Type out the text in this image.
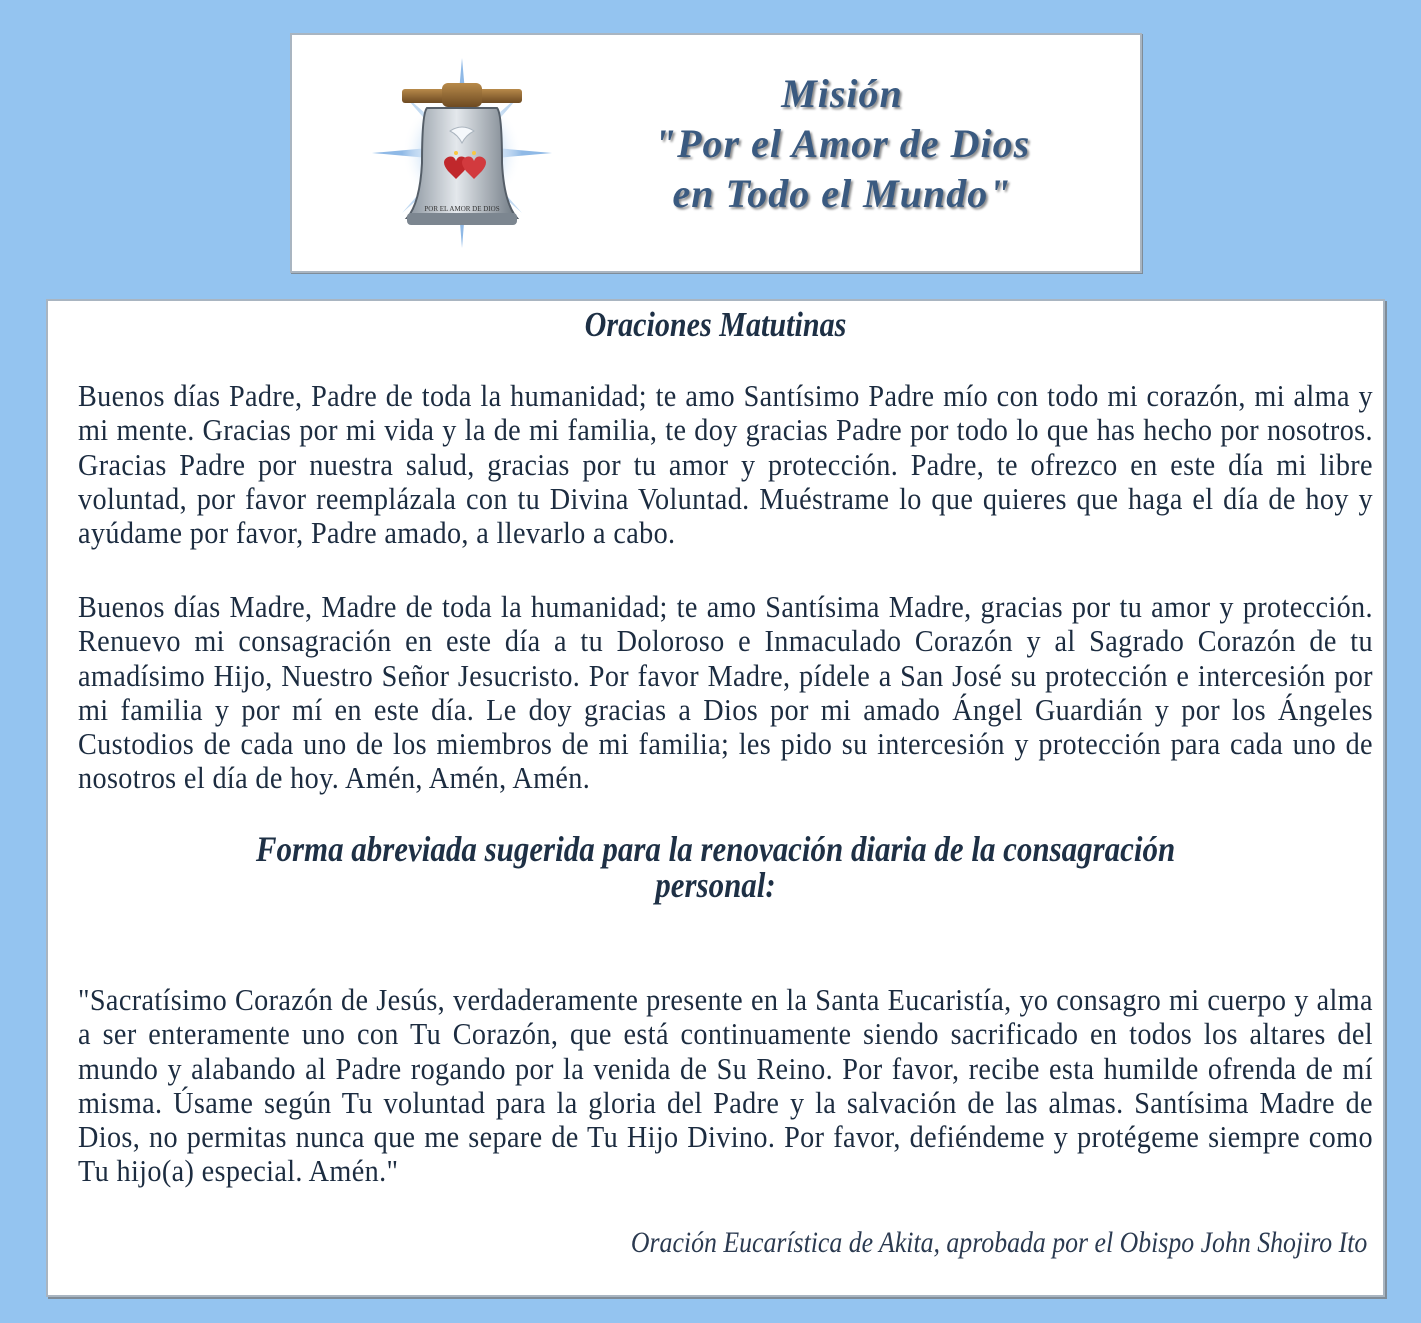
POR EL AMOR DE DIOS
Misión
"Por el Amor de Dios
en Todo el Mundo"
Oraciones Matutinas
Buenos días Padre, Padre de toda la humanidad; te amo Santísimo Padre mío con todo mi corazón, mi alma y mi mente. Gracias por mi vida y la de mi familia, te doy gracias Padre por todo lo que has hecho por nosotros. Gracias Padre por nuestra salud, gracias por tu amor y protección. Padre, te ofrezco en este día mi libre voluntad, por favor reemplázala con tu Divina Voluntad. Muéstrame lo que quieres que haga el día de hoy y ayúdame por favor, Padre amado, a llevarlo a cabo.
Buenos días Madre, Madre de toda la humanidad; te amo Santísima Madre, gracias por tu amor y protección. Renuevo mi consagración en este día a tu Doloroso e Inmaculado Corazón y al Sagrado Corazón de tu amadísimo Hijo, Nuestro Señor Jesucristo. Por favor Madre, pídele a San José su protección e intercesión por mi familia y por mí en este día. Le doy gracias a Dios por mi amado Ángel Guardián y por los Ángeles Custodios de cada uno de los miembros de mi familia; les pido su intercesión y protección para cada uno de nosotros el día de hoy. Amén, Amén, Amén.
Forma abreviada sugerida para la renovación diaria de la consagración
personal:
"Sacratísimo Corazón de Jesús, verdaderamente presente en la Santa Eucaristía, yo consagro mi cuerpo y alma a ser enteramente uno con Tu Corazón, que está continuamente siendo sacrificado en todos los altares del mundo y alabando al Padre rogando por la venida de Su Reino. Por favor, recibe esta humilde ofrenda de mí misma. Úsame según Tu voluntad para la gloria del Padre y la salvación de las almas. Santísima Madre de Dios, no permitas nunca que me separe de Tu Hijo Divino. Por favor, defiéndeme y protégeme siempre como Tu hijo(a) especial. Amén."
Oración Eucarística de Akita, aprobada por el Obispo John Shojiro Ito
